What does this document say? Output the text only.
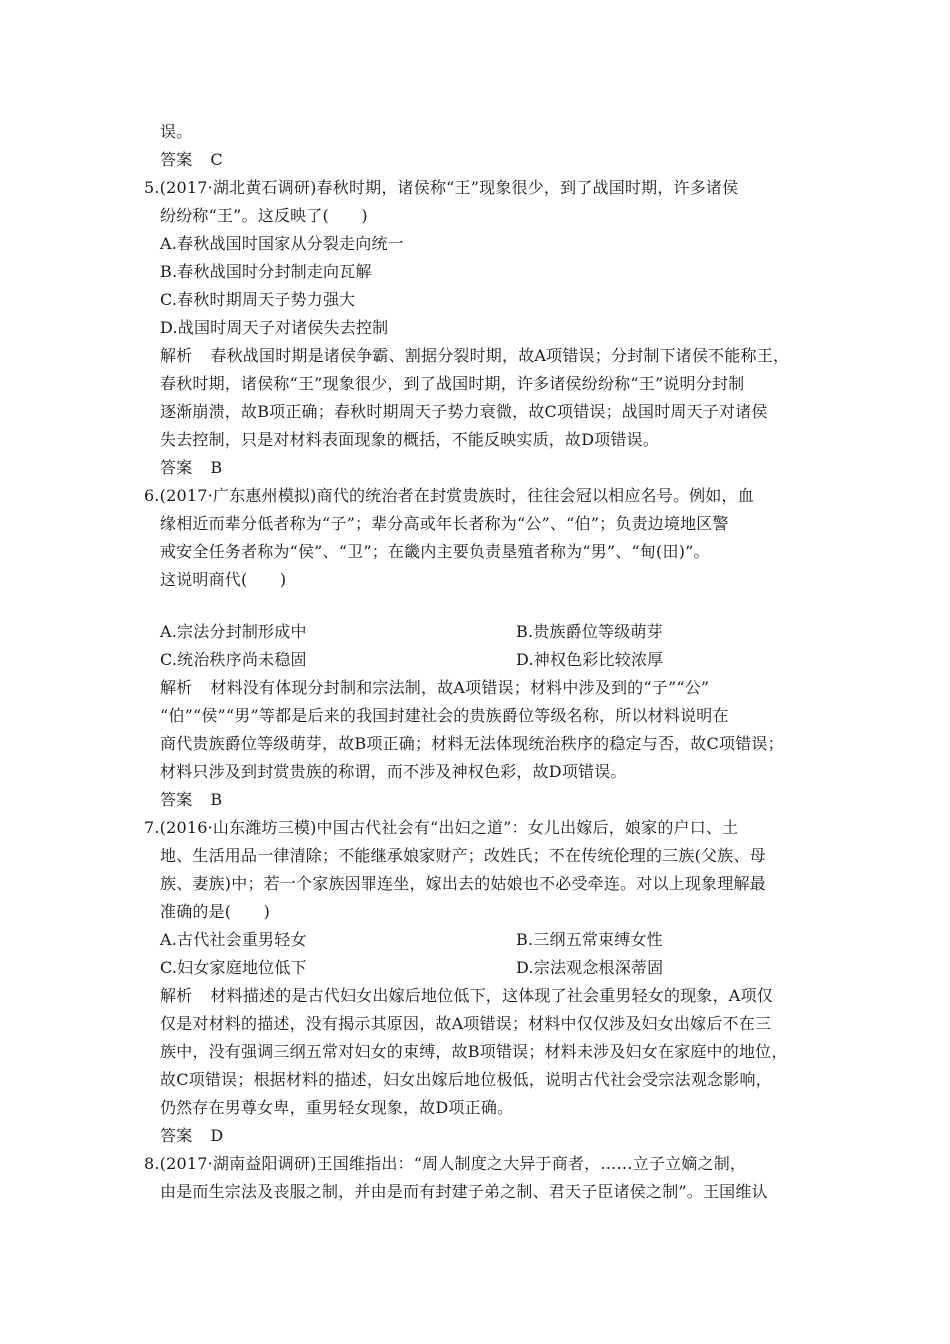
误。
答案 C
5.(2017·湖北黄石调研)春秋时期，诸侯称“王”现象很少，到了战国时期，许多诸侯
纷纷称“王”。这反映了(　　)
A.春秋战国时国家从分裂走向统一
B.春秋战国时分封制走向瓦解
C.春秋时期周天子势力强大
D.战国时周天子对诸侯失去控制
解析 春秋战国时期是诸侯争霸、割据分裂时期，故A项错误；分封制下诸侯不能称王，
春秋时期，诸侯称“王”现象很少，到了战国时期，许多诸侯纷纷称“王”说明分封制
逐渐崩溃，故B项正确；春秋时期周天子势力衰微，故C项错误；战国时周天子对诸侯
失去控制，只是对材料表面现象的概括，不能反映实质，故D项错误。
答案 B
6.(2017·广东惠州模拟)商代的统治者在封赏贵族时，往往会冠以相应名号。例如，血
缘相近而辈分低者称为“子”；辈分高或年长者称为“公”、“伯”；负责边境地区警
戒安全任务者称为“侯”、“卫”；在畿内主要负责垦殖者称为“男”、“甸(田)”。
这说明商代(　　)
A.宗法分封制形成中	B.贵族爵位等级萌芽
C.统治秩序尚未稳固	D.神权色彩比较浓厚
解析 材料没有体现分封制和宗法制，故A项错误；材料中涉及到的“子”“公”
“伯”“侯”“男”等都是后来的我国封建社会的贵族爵位等级名称，所以材料说明在
商代贵族爵位等级萌芽，故B项正确；材料无法体现统治秩序的稳定与否，故C项错误；
材料只涉及到封赏贵族的称谓，而不涉及神权色彩，故D项错误。
答案 B
7.(2016·山东潍坊三模)中国古代社会有“出妇之道”：女儿出嫁后，娘家的户口、土
地、生活用品一律清除；不能继承娘家财产；改姓氏；不在传统伦理的三族(父族、母
族、妻族)中；若一个家族因罪连坐，嫁出去的姑娘也不必受牵连。对以上现象理解最
准确的是(　　)
A.古代社会重男轻女	B.三纲五常束缚女性
C.妇女家庭地位低下	D.宗法观念根深蒂固
解析 材料描述的是古代妇女出嫁后地位低下，这体现了社会重男轻女的现象，A项仅
仅是对材料的描述，没有揭示其原因，故A项错误；材料中仅仅涉及妇女出嫁后不在三
族中，没有强调三纲五常对妇女的束缚，故B项错误；材料未涉及妇女在家庭中的地位，
故C项错误；根据材料的描述，妇女出嫁后地位极低，说明古代社会受宗法观念影响，
仍然存在男尊女卑，重男轻女现象，故D项正确。
答案 D
8.(2017·湖南益阳调研)王国维指出：“周人制度之大异于商者，……立子立嫡之制，
由是而生宗法及丧服之制，并由是而有封建子弟之制、君天子臣诸侯之制”。王国维认
